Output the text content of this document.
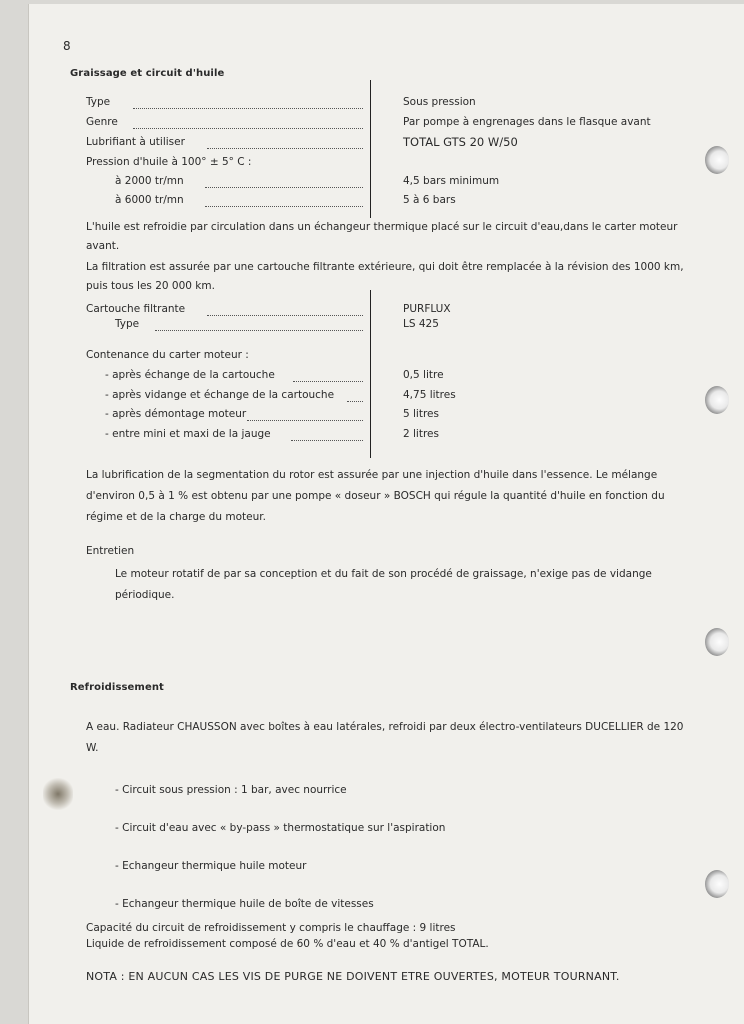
8
Graissage et circuit d'huile
Type	Sous pression
Genre	Par pompe à engrenages dans le flasque avant
Lubrifiant à utiliser	TOTAL GTS 20 W/50
Pression d'huile à 100° ± 5° C :
à 2000 tr/mn	4,5 bars minimum
à 6000 tr/mn	5 à 6 bars
L'huile est refroidie par circulation dans un échangeur thermique placé sur le circuit d'eau,dans le carter moteur avant.
La filtration est assurée par une cartouche filtrante extérieure, qui doit être remplacée à la révision des 1000 km, puis tous les 20 000 km.
Cartouche filtrante	PURFLUX
Type	LS 425
Contenance du carter moteur :
- après échange de la cartouche	0,5 litre
- après vidange et échange de la cartouche	4,75 litres
- après démontage moteur	5 litres
- entre mini et maxi de la jauge	2 litres
La lubrification de la segmentation du rotor est assurée par une injection d'huile dans l'essence. Le mélange d'environ 0,5 à 1 % est obtenu par une pompe « doseur » BOSCH qui régule la quantité d'huile en fonction du régime et de la charge du moteur.
Entretien
Le moteur rotatif de par sa conception et du fait de son procédé de graissage, n'exige pas de vidange périodique.
Refroidissement
A eau. Radiateur CHAUSSON avec boîtes à eau latérales, refroidi par deux électro-ventilateurs DUCELLIER de 120 W.
- Circuit sous pression : 1 bar, avec nourrice
- Circuit d'eau avec « by-pass » thermostatique sur l'aspiration
- Echangeur thermique huile moteur
- Echangeur thermique huile de boîte de vitesses
Capacité du circuit de refroidissement y compris le chauffage : 9 litres
Liquide de refroidissement composé de 60 % d'eau et 40 % d'antigel TOTAL.
NOTA : EN AUCUN CAS LES VIS DE PURGE NE DOIVENT ETRE OUVERTES, MOTEUR TOURNANT.
